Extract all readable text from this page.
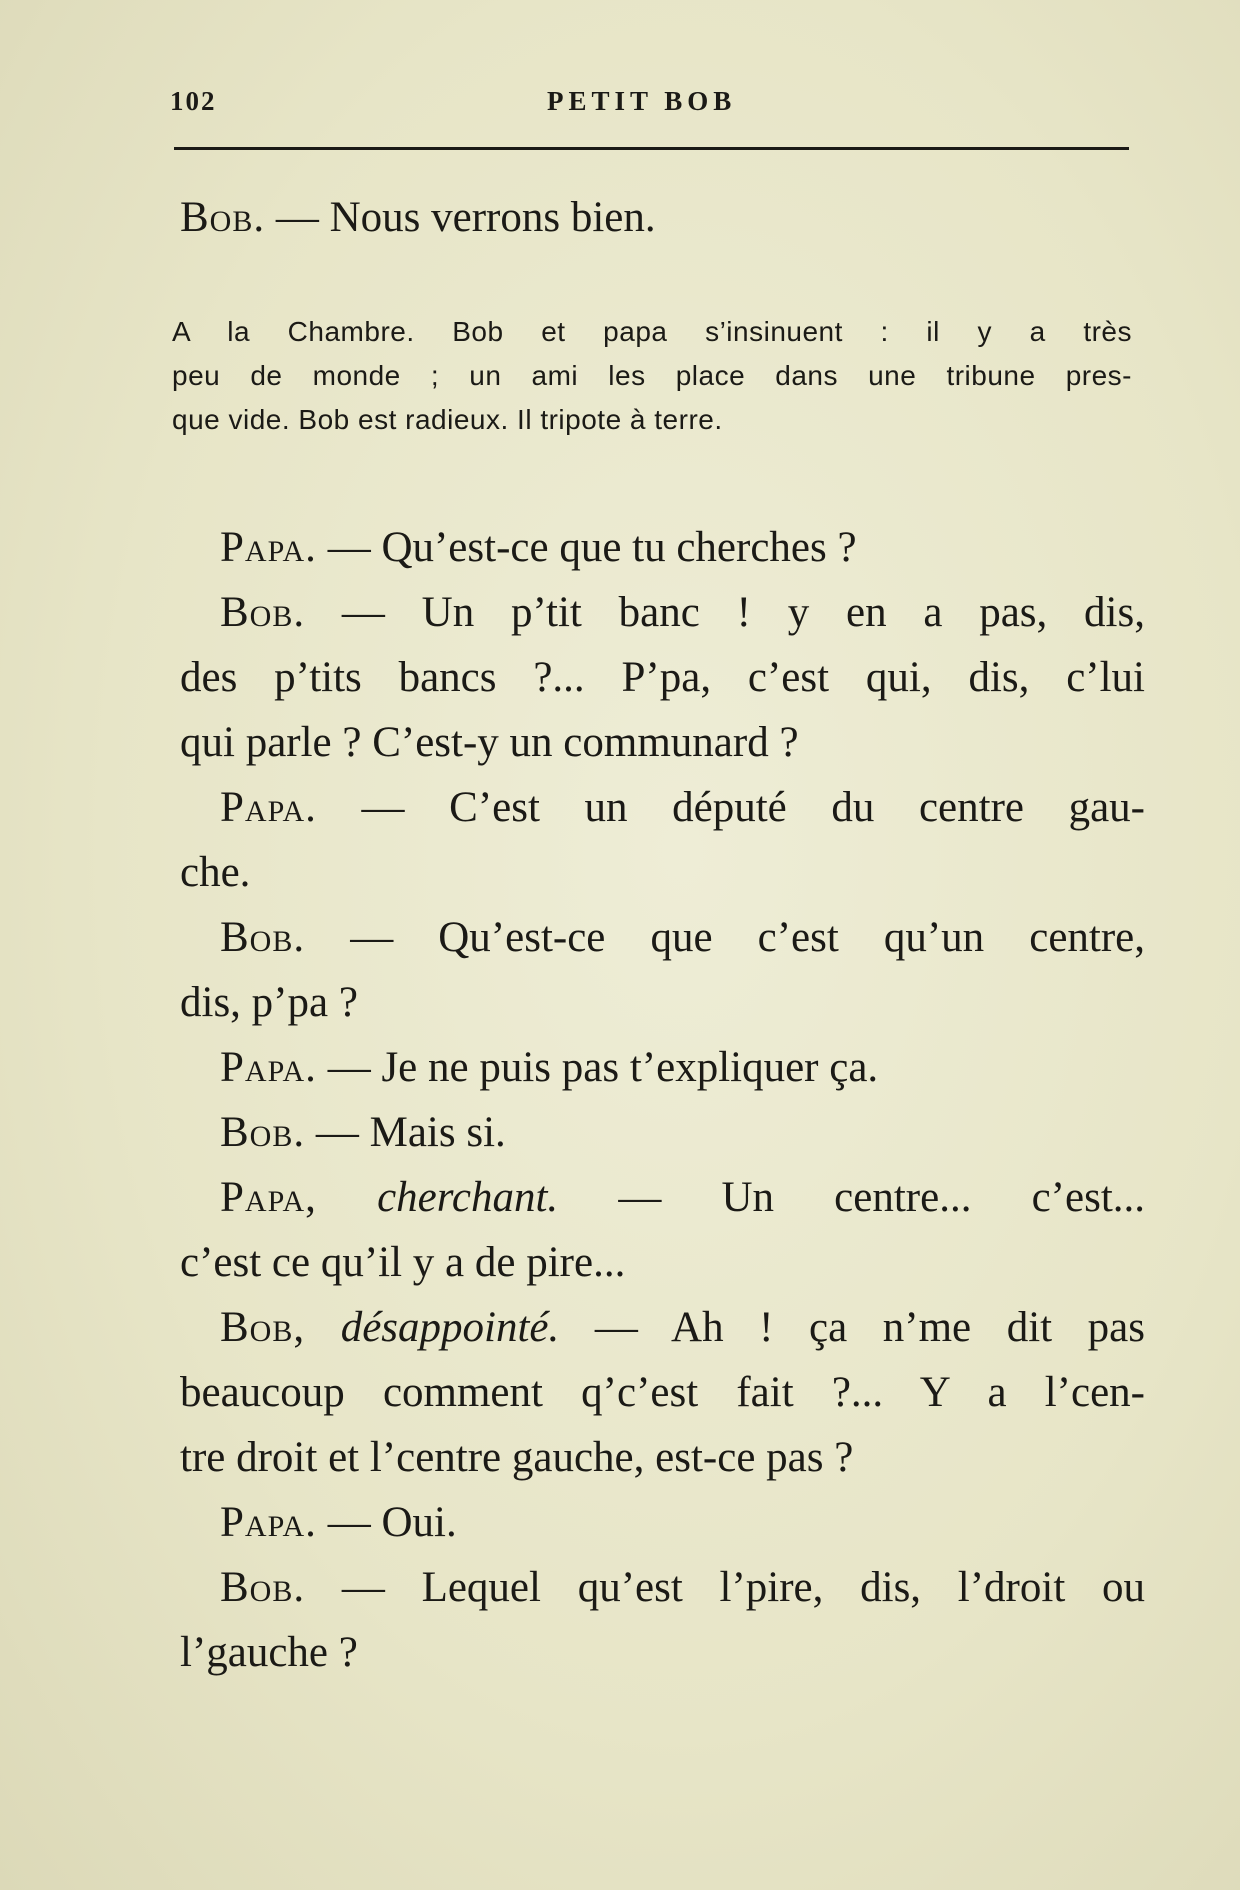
102	PETIT BOB
Bob. — Nous verrons bien.
A la Chambre. Bob et papa s’insinuent : il y a très
peu de monde ; un ami les place dans une tribune pres-
que vide. Bob est radieux. Il tripote à terre.
Papa. — Qu’est-ce que tu cherches ?
Bob. — Un p’tit banc ! y en a pas, dis,
des p’tits bancs ?... P’pa, c’est qui, dis, c’lui
qui parle ? C’est-y un communard ?
Papa. — C’est un député du centre gau-
che.
Bob. — Qu’est-ce que c’est qu’un centre,
dis, p’pa ?
Papa. — Je ne puis pas t’expliquer ça.
Bob. — Mais si.
Papa, cherchant. — Un centre... c’est...
c’est ce qu’il y a de pire...
Bob, désappointé. — Ah ! ça n’me dit pas
beaucoup comment q’c’est fait ?... Y a l’cen-
tre droit et l’centre gauche, est-ce pas ?
Papa. — Oui.
Bob. — Lequel qu’est l’pire, dis, l’droit ou
l’gauche ?
